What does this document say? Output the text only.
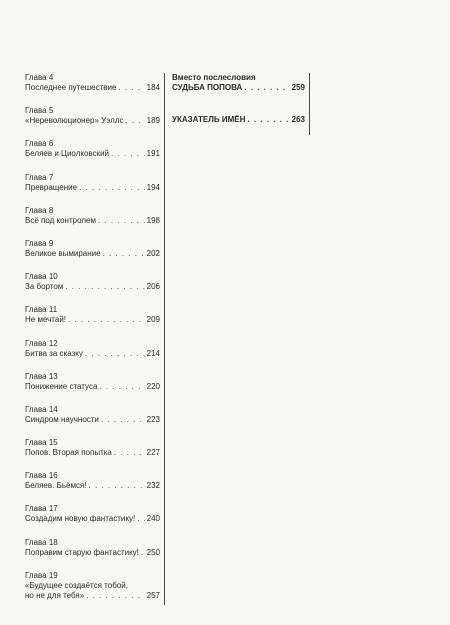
Глава 4
Последнее путешествие . . .	184
Глава 5
«Нереволюционер» Уэллс . . .	189
Глава 6
Беляев и Циолковский . . .	191
Глава 7
Превращение . . .	194
Глава 8
Всё под контролем . . .	198
Глава 9
Великое вымирание . . .	202
Глава 10
За бортом . . .	206
Глава 11
Не мечтай! . . .	209
Глава 12
Битва за сказку . . .	214
Глава 13
Понижение статуса . . .	220
Глава 14
Синдром научности . . .	223
Глава 15
Попов. Вторая попытка . . .	227
Глава 16
Беляев. Бьёмся! . . .	232
Глава 17
Создадим новую фантастику! . . . 240
Глава 18
Поправим старую фантастику! . . . 250
Глава 19
«Будущее создаётся тобой,
но не для тебя» . . .	257
Вместо послесловия
СУДЬБА ПОПОВА . . .	259
УКАЗАТЕЛЬ ИМЁН . . .	263
